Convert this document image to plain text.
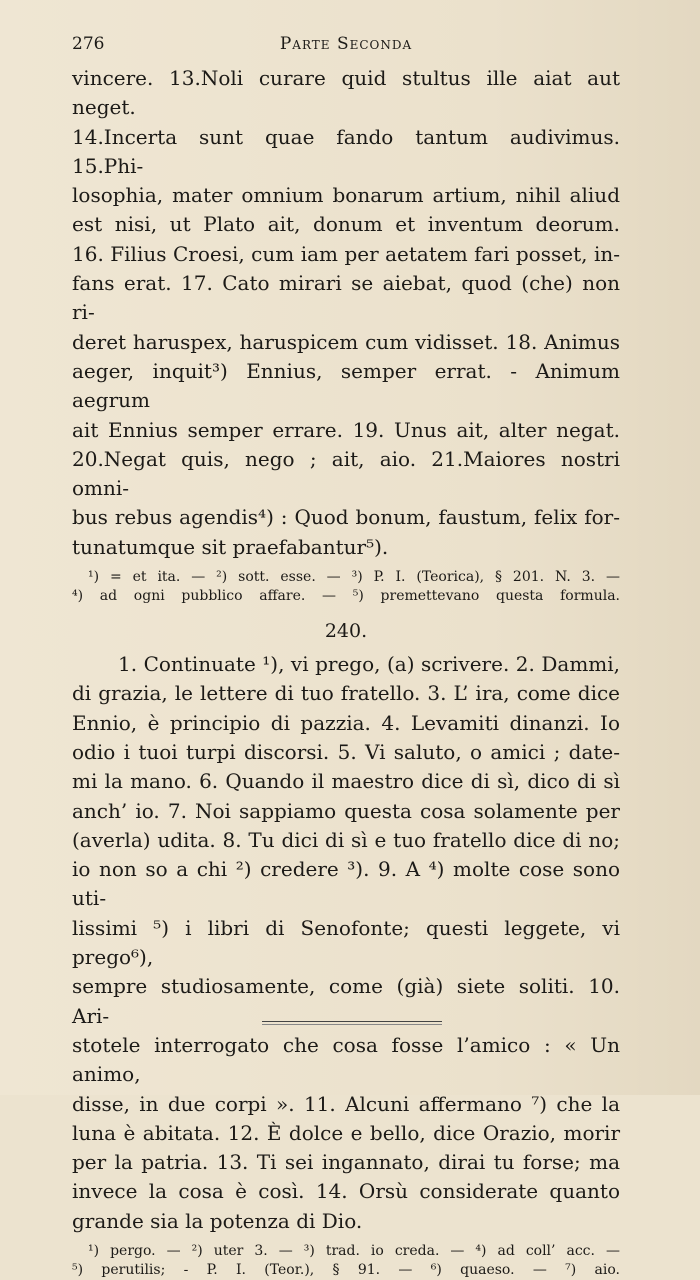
276	Parte Seconda
vincere. 13.Noli curare quid stultus ille aiat aut neget.
14.Incerta sunt quae fando tantum audivimus. 15.Phi-
losophia, mater omnium bonarum artium, nihil aliud
est nisi, ut Plato ait, donum et inventum deorum.
16. Filius Croesi, cum iam per aetatem fari posset, in-
fans erat. 17. Cato mirari se aiebat, quod (che) non ri-
deret haruspex, haruspicem cum vidisset. 18. Animus
aeger, inquit³) Ennius, semper errat. - Animum aegrum
ait Ennius semper errare. 19. Unus ait, alter negat.
20.Negat quis, nego ; ait, aio. 21.Maiores nostri omni-
bus rebus agendis⁴) : Quod bonum, faustum, felix for-
tunatumque sit praefabantur⁵).
¹) = et ita. — ²) sott. esse. — ³) P. I. (Teorica), § 201. N. 3. —
⁴) ad ogni pubblico affare. — ⁵) premettevano questa formula.
240.
1. Continuate ¹), vi prego, (a) scrivere. 2. Dammi,
di grazia, le lettere di tuo fratello. 3. L’ ira, come dice
Ennio, è principio di pazzia. 4. Levamiti dinanzi. Io
odio i tuoi turpi discorsi. 5. Vi saluto, o amici ; date-
mi la mano. 6. Quando il maestro dice di sì, dico di sì
anch’ io. 7. Noi sappiamo questa cosa solamente per
(averla) udita. 8. Tu dici di sì e tuo fratello dice di no;
io non so a chi ²) credere ³). 9. A ⁴) molte cose sono uti-
lissimi ⁵) i libri di Senofonte; questi leggete, vi prego⁶),
sempre studiosamente, come (già) siete soliti. 10. Ari-
stotele interrogato che cosa fosse l’amico : « Un animo,
disse, in due corpi ». 11. Alcuni affermano ⁷) che la
luna è abitata. 12. È dolce e bello, dice Orazio, morir
per la patria. 13. Ti sei ingannato, dirai tu forse; ma
invece la cosa è così. 14. Orsù considerate quanto
grande sia la potenza di Dio.
¹) pergo. — ²) uter 3. — ³) trad. io creda. — ⁴) ad coll’ acc. —
⁵) perutilis; - P. I. (Teor.), § 91. — ⁶) quaeso. — ⁷) aio.
